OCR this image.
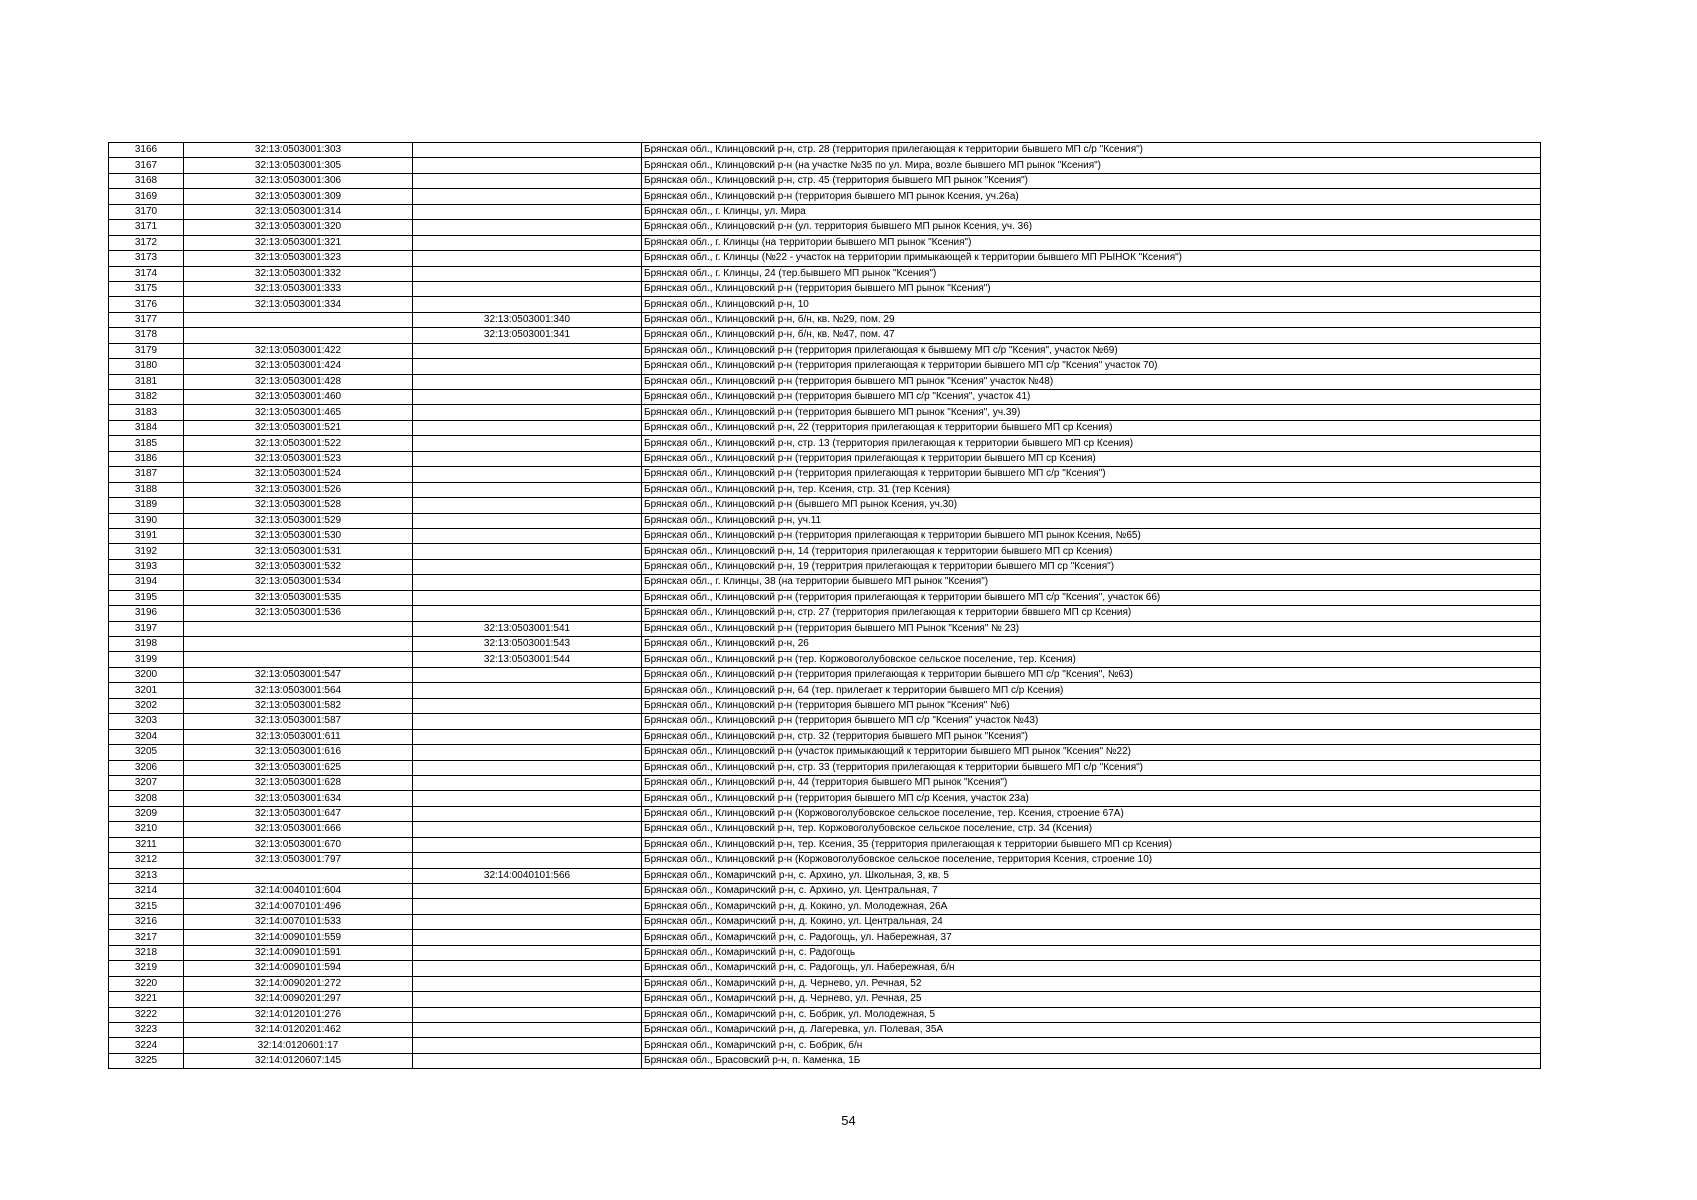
3166	32:13:0503001:303		Брянская обл., Клинцовский р-н, стр. 28 (территория прилегающая к территории бывшего МП с/р "Ксения")
3167	32:13:0503001:305		Брянская обл., Клинцовский р-н (на участке №35 по ул. Мира, возле бывшего МП рынок "Ксения")
3168	32:13:0503001:306		Брянская обл., Клинцовский р-н, стр. 45 (территория бывшего МП рынок "Ксения")
3169	32:13:0503001:309		Брянская обл., Клинцовский р-н (территория бывшего МП рынок Ксения, уч.26а)
3170	32:13:0503001:314		Брянская обл., г. Клинцы, ул. Мира
3171	32:13:0503001:320		Брянская обл., Клинцовский р-н (ул. территория бывшего МП рынок Ксения, уч. 36)
3172	32:13:0503001:321		Брянская обл., г. Клинцы (на территории бывшего МП рынок "Ксения")
3173	32:13:0503001:323		Брянская обл., г. Клинцы (№22 - участок на территории примыкающей к территории бывшего МП РЫНОК "Ксения")
3174	32:13:0503001:332		Брянская обл., г. Клинцы, 24 (тер.бывшего МП рынок "Ксения")
3175	32:13:0503001:333		Брянская обл., Клинцовский р-н (территория бывшего МП рынок "Ксения")
3176	32:13:0503001:334		Брянская обл., Клинцовский р-н, 10
3177		32:13:0503001:340	Брянская обл., Клинцовский р-н, б/н, кв. №29, пом. 29
3178		32:13:0503001:341	Брянская обл., Клинцовский р-н, б/н, кв. №47, пом. 47
3179	32:13:0503001:422		Брянская обл., Клинцовский р-н (территория прилегающая к бывшему МП с/р "Ксения", участок №69)
3180	32:13:0503001:424		Брянская обл., Клинцовский р-н (территория прилегающая к территории бывшего МП с/р "Ксения" участок 70)
3181	32:13:0503001:428		Брянская обл., Клинцовский р-н (территория бывшего МП рынок "Ксения" участок №48)
3182	32:13:0503001:460		Брянская обл., Клинцовский р-н (территория бывшего МП с/р "Ксения", участок 41)
3183	32:13:0503001:465		Брянская обл., Клинцовский р-н (территория бывшего МП рынок "Ксения", уч.39)
3184	32:13:0503001:521		Брянская обл., Клинцовский р-н, 22 (территория прилегающая к территории бывшего МП ср Ксения)
3185	32:13:0503001:522		Брянская обл., Клинцовский р-н, стр. 13 (территория прилегающая к территории бывшего МП ср Ксения)
3186	32:13:0503001:523		Брянская обл., Клинцовский р-н (территория прилегающая к территории бывшего МП ср Ксения)
3187	32:13:0503001:524		Брянская обл., Клинцовский р-н (территория прилегающая к территории бывшего МП с/р "Ксения")
3188	32:13:0503001:526		Брянская обл., Клинцовский р-н, тер. Ксения, стр. 31 (тер Ксения)
3189	32:13:0503001:528		Брянская обл., Клинцовский р-н (бывшего МП рынок Ксения, уч.30)
3190	32:13:0503001:529		Брянская обл., Клинцовский р-н, уч.11
3191	32:13:0503001:530		Брянская обл., Клинцовский р-н (территория прилегающая к территории бывшего МП рынок Ксения, №65)
3192	32:13:0503001:531		Брянская обл., Клинцовский р-н, 14 (территория прилегающая к территории бывшего МП ср Ксения)
3193	32:13:0503001:532		Брянская обл., Клинцовский р-н, 19 (территрия прилегающая к территории бывшего МП ср "Ксения")
3194	32:13:0503001:534		Брянская обл., г. Клинцы, 38 (на территории бывшего МП рынок "Ксения")
3195	32:13:0503001:535		Брянская обл., Клинцовский р-н (территория прилегающая к территории бывшего МП с/р "Ксения", участок 66)
3196	32:13:0503001:536		Брянская обл., Клинцовский р-н, стр. 27 (территория прилегающая к территории бввшего МП ср Ксения)
3197		32:13:0503001:541	Брянская обл., Клинцовский р-н (территория бывшего МП Рынок "Ксения" № 23)
3198		32:13:0503001:543	Брянская обл., Клинцовский р-н, 26
3199		32:13:0503001:544	Брянская обл., Клинцовский р-н (тер. Коржовоголубовское сельское поселение, тер. Ксения)
3200	32:13:0503001:547		Брянская обл., Клинцовский р-н (территория прилегающая к территории бывшего МП с/р "Ксения", №63)
3201	32:13:0503001:564		Брянская обл., Клинцовский р-н, 64 (тер. прилегает к территории бывшего МП с/р Ксения)
3202	32:13:0503001:582		Брянская обл., Клинцовский р-н (территория бывшего МП рынок "Ксения" №6)
3203	32:13:0503001:587		Брянская обл., Клинцовский р-н (территория бывшего МП с/р "Ксения" участок №43)
3204	32:13:0503001:611		Брянская обл., Клинцовский р-н, стр. 32 (территория бывшего МП рынок "Ксения")
3205	32:13:0503001:616		Брянская обл., Клинцовский р-н (участок примыкающий к территории бывшего МП рынок "Ксения" №22)
3206	32:13:0503001:625		Брянская обл., Клинцовский р-н, стр. 33 (территория прилегающая к территории бывшего МП с/р "Ксения")
3207	32:13:0503001:628		Брянская обл., Клинцовский р-н, 44 (территория бывшего МП рынок "Ксения")
3208	32:13:0503001:634		Брянская обл., Клинцовский р-н (территория бывшего МП с/р Ксения, участок 23а)
3209	32:13:0503001:647		Брянская обл., Клинцовский р-н (Коржовоголубовское сельское поселение, тер. Ксения, строение 67А)
3210	32:13:0503001:666		Брянская обл., Клинцовский р-н, тер. Коржовоголубовское сельское поселение, стр. 34 (Ксения)
3211	32:13:0503001:670		Брянская обл., Клинцовский р-н, тер. Ксения, 35 (территория прилегающая к территории бывшего МП ср Ксения)
3212	32:13:0503001:797		Брянская обл., Клинцовский р-н (Коржовоголубовское сельское поселение, территория Ксения, строение 10)
3213		32:14:0040101:566	Брянская обл., Комаричский р-н, с. Архино, ул. Школьная, 3, кв. 5
3214	32:14:0040101:604		Брянская обл., Комаричский р-н, с. Архино, ул. Центральная, 7
3215	32:14:0070101:496		Брянская обл., Комаричский р-н, д. Кокино, ул. Молодежная, 26А
3216	32:14:0070101:533		Брянская обл., Комаричский р-н, д. Кокино, ул. Центральная, 24
3217	32:14:0090101:559		Брянская обл., Комаричский р-н, с. Радогощь, ул. Набережная, 37
3218	32:14:0090101:591		Брянская обл., Комаричский р-н, с. Радогощь
3219	32:14:0090101:594		Брянская обл., Комаричский р-н, с. Радогощь, ул. Набережная, б/н
3220	32:14:0090201:272		Брянская обл., Комаричский р-н, д. Чернево, ул. Речная, 52
3221	32:14:0090201:297		Брянская обл., Комаричский р-н, д. Чернево, ул. Речная, 25
3222	32:14:0120101:276		Брянская обл., Комаричский р-н, с. Бобрик, ул. Молодежная, 5
3223	32:14:0120201:462		Брянская обл., Комаричский р-н, д. Лагеревка, ул. Полевая, 35А
3224	32:14:0120601:17		Брянская обл., Комаричский р-н, с. Бобрик, б/н
3225	32:14:0120607:145		Брянская обл., Брасовский р-н, п. Каменка, 1Б
54
